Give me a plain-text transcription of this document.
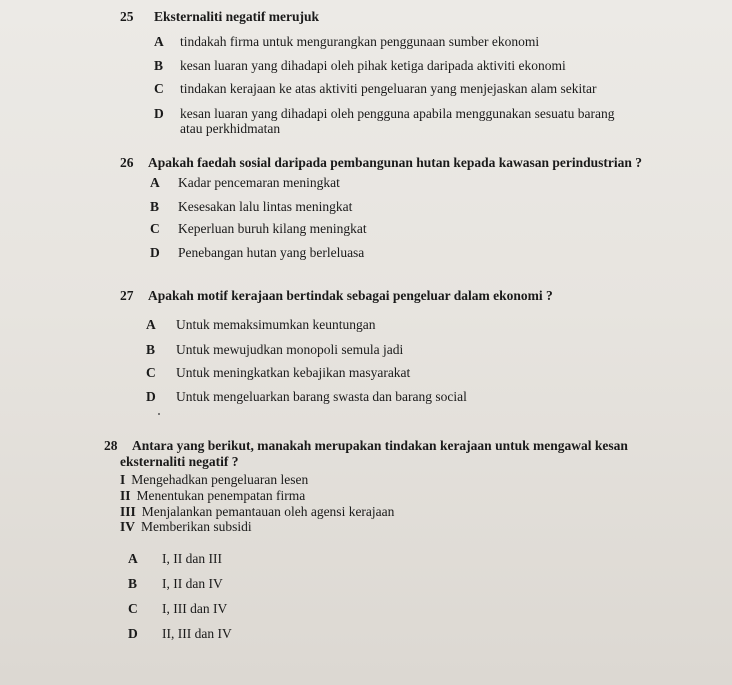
25 Eksternaliti negatif merujuk
A tindakah firma untuk mengurangkan penggunaan sumber ekonomi
B kesan luaran yang dihadapi oleh pihak ketiga daripada aktiviti ekonomi
C tindakan kerajaan ke atas aktiviti pengeluaran yang menjejaskan alam sekitar
D kesan luaran yang dihadapi oleh pengguna apabila menggunakan sesuatu barang
atau perkhidmatan
26 Apakah faedah sosial daripada pembangunan hutan kepada kawasan perindustrian ?
A Kadar pencemaran meningkat
B Kesesakan lalu lintas meningkat
C Keperluan buruh kilang meningkat
D Penebangan hutan yang berleluasa
27 Apakah motif kerajaan bertindak sebagai pengeluar dalam ekonomi ?
A Untuk memaksimumkan keuntungan
B Untuk mewujudkan monopoli semula jadi
C Untuk meningkatkan kebajikan masyarakat
D Untuk mengeluarkan barang swasta dan barang social
28 Antara yang berikut, manakah merupakan tindakan kerajaan untuk mengawal kesan
eksternaliti negatif ?
I Mengehadkan pengeluaran lesen
II Menentukan penempatan firma
III Menjalankan pemantauan oleh agensi kerajaan
IV Memberikan subsidi
A I, II dan III
B I, II dan IV
C I, III dan IV
D II, III dan IV
